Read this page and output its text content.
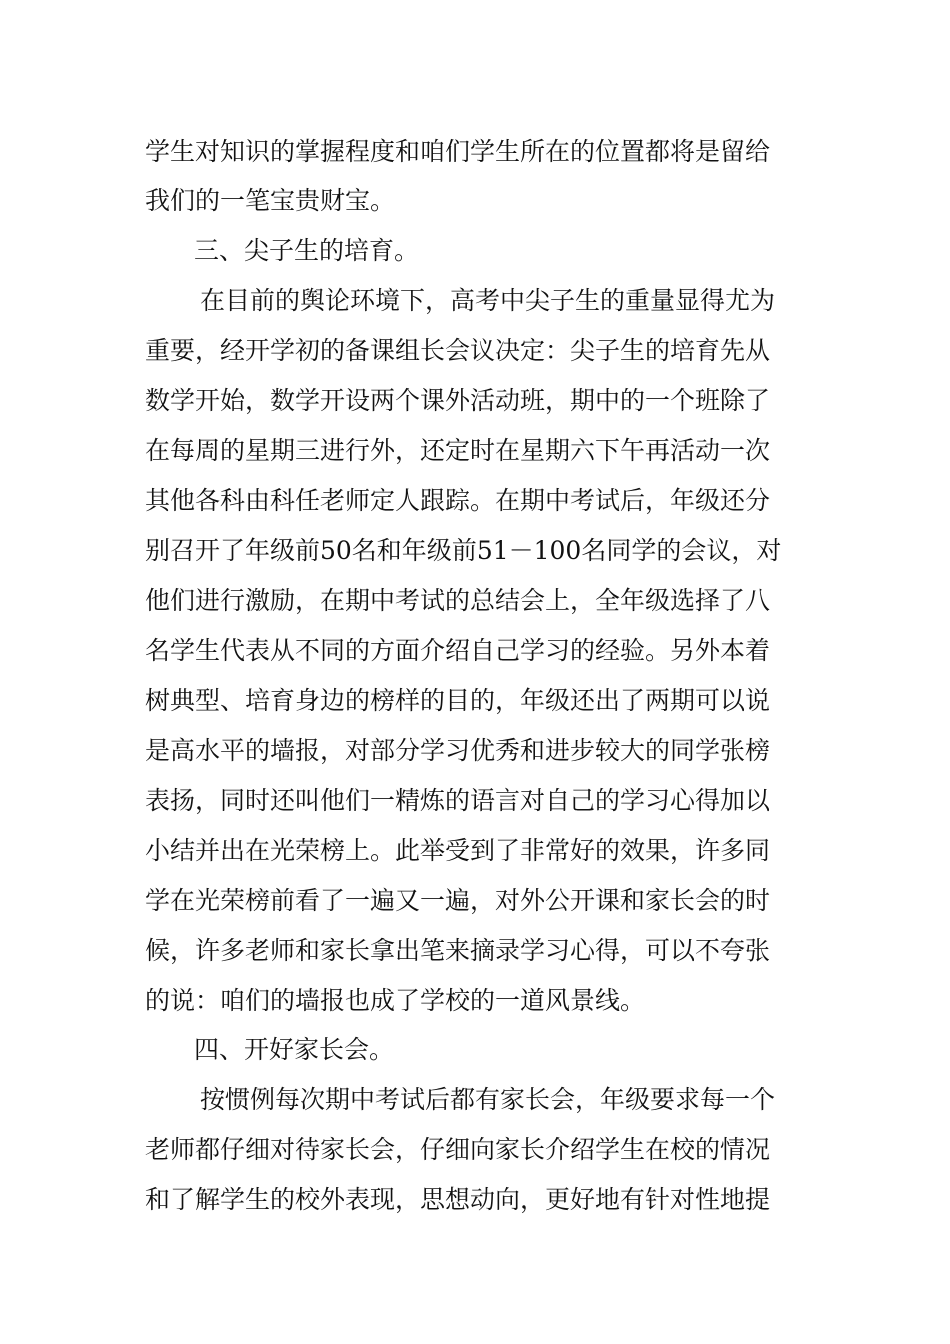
学生对知识的掌握程度和咱们学生所在的位置都将是留给
我们的一笔宝贵财宝。
三、尖子生的培育。
在目前的舆论环境下，高考中尖子生的重量显得尤为
重要，经开学初的备课组长会议决定：尖子生的培育先从
数学开始，数学开设两个课外活动班，期中的一个班除了
在每周的星期三进行外，还定时在星期六下午再活动一次
其他各科由科任老师定人跟踪。在期中考试后，年级还分
别召开了年级前50名和年级前51－100名同学的会议，对
他们进行激励，在期中考试的总结会上，全年级选择了八
名学生代表从不同的方面介绍自己学习的经验。另外本着
树典型、培育身边的榜样的目的，年级还出了两期可以说
是高水平的墙报，对部分学习优秀和进步较大的同学张榜
表扬，同时还叫他们一精炼的语言对自己的学习心得加以
小结并出在光荣榜上。此举受到了非常好的效果，许多同
学在光荣榜前看了一遍又一遍，对外公开课和家长会的时
候，许多老师和家长拿出笔来摘录学习心得，可以不夸张
的说：咱们的墙报也成了学校的一道风景线。
四、开好家长会。
按惯例每次期中考试后都有家长会，年级要求每一个
老师都仔细对待家长会，仔细向家长介绍学生在校的情况
和了解学生的校外表现，思想动向，更好地有针对性地提
